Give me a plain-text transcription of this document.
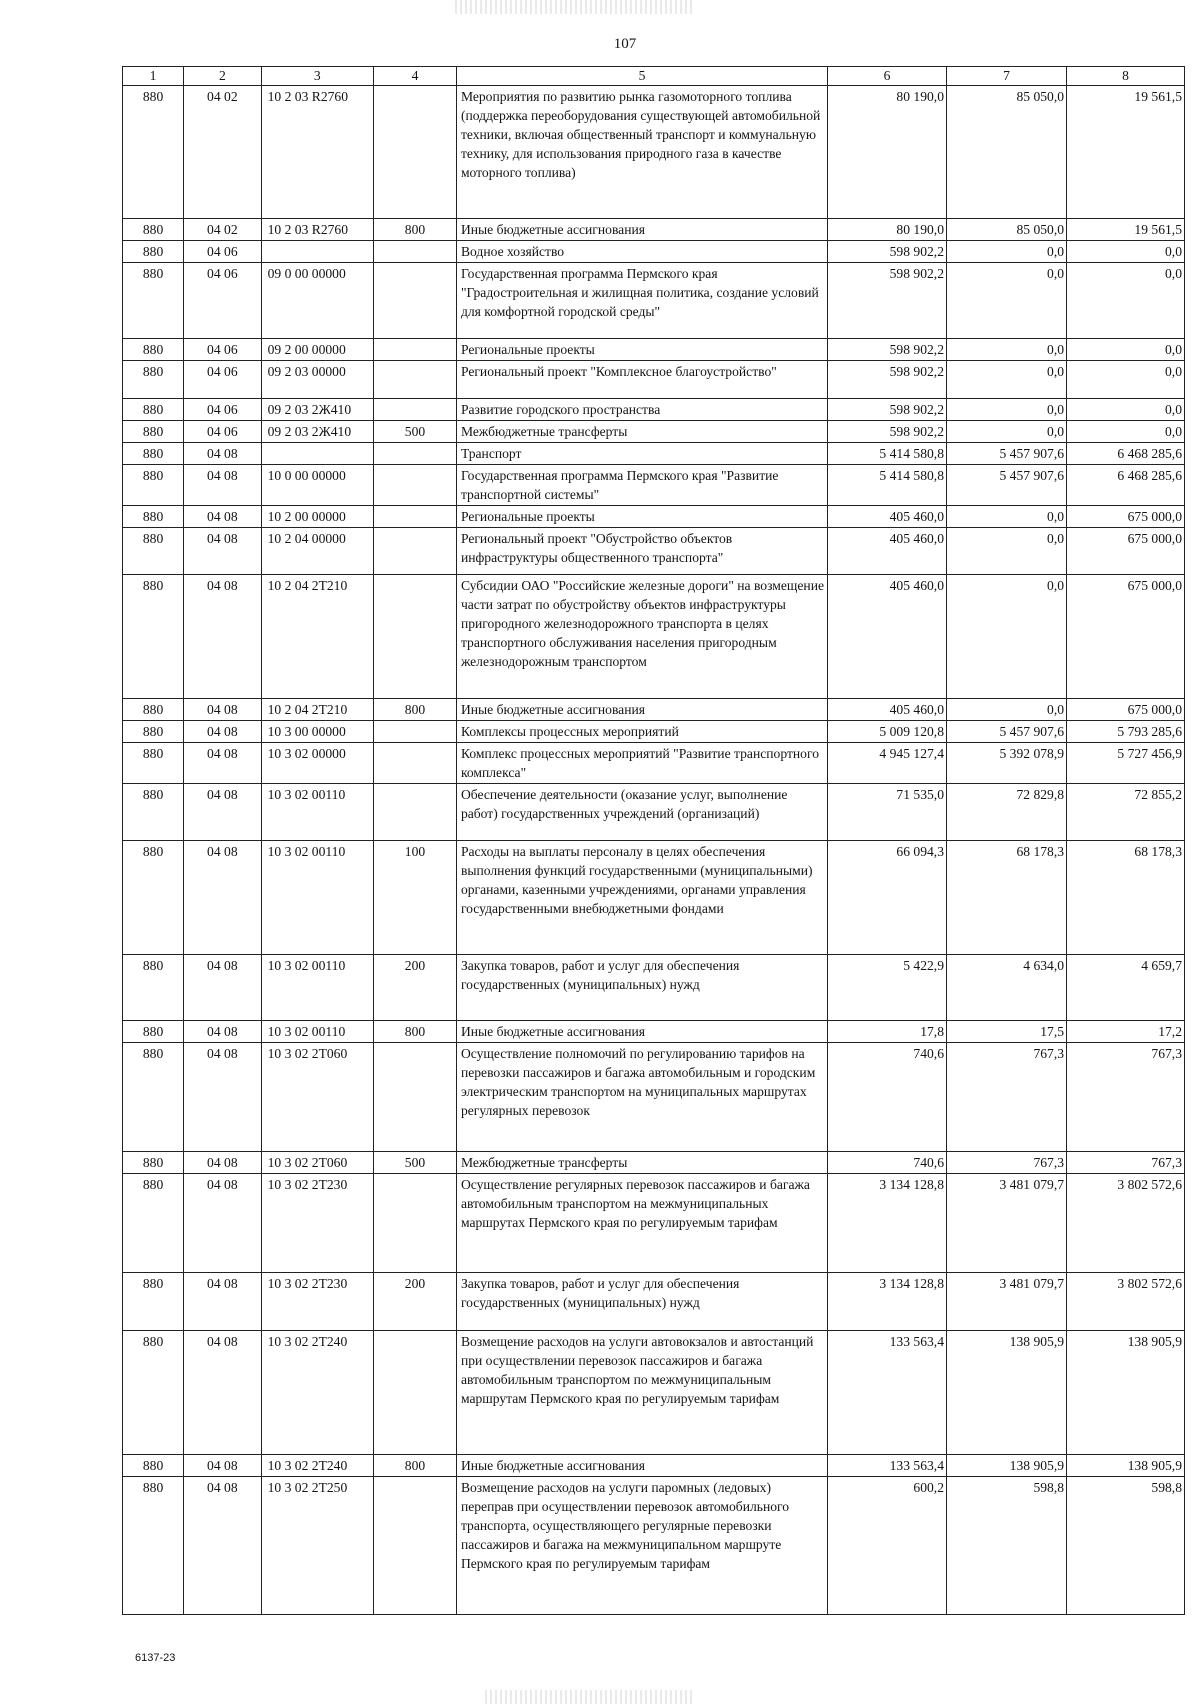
107
1	2	3	4	5	6	7	8
880	04 02	10 2 03 R2760		Мероприятия по развитию рынка газомоторного топлива (поддержка переоборудования существующей автомобильной техники, включая общественный транспорт и коммунальную технику, для использования природного газа в качестве моторного топлива)	80 190,0	85 050,0	19 561,5
880	04 02	10 2 03 R2760	800	Иные бюджетные ассигнования	80 190,0	85 050,0	19 561,5
880	04 06			Водное хозяйство	598 902,2	0,0	0,0
880	04 06	09 0 00 00000		Государственная программа Пермского края "Градостроительная и жилищная политика, создание условий для комфортной городской среды"	598 902,2	0,0	0,0
880	04 06	09 2 00 00000		Региональные проекты	598 902,2	0,0	0,0
880	04 06	09 2 03 00000		Региональный проект "Комплексное благоустройство"	598 902,2	0,0	0,0
880	04 06	09 2 03 2Ж410		Развитие городского пространства	598 902,2	0,0	0,0
880	04 06	09 2 03 2Ж410	500	Межбюджетные трансферты	598 902,2	0,0	0,0
880	04 08			Транспорт	5 414 580,8	5 457 907,6	6 468 285,6
880	04 08	10 0 00 00000		Государственная программа Пермского края "Развитие транспортной системы"	5 414 580,8	5 457 907,6	6 468 285,6
880	04 08	10 2 00 00000		Региональные проекты	405 460,0	0,0	675 000,0
880	04 08	10 2 04 00000		Региональный проект "Обустройство объектов инфраструктуры общественного транспорта"	405 460,0	0,0	675 000,0
880	04 08	10 2 04 2Т210		Субсидии ОАО "Российские железные дороги" на возмещение части затрат по обустройству объектов инфраструктуры пригородного железнодорожного транспорта в целях транспортного обслуживания населения пригородным железнодорожным транспортом	405 460,0	0,0	675 000,0
880	04 08	10 2 04 2Т210	800	Иные бюджетные ассигнования	405 460,0	0,0	675 000,0
880	04 08	10 3 00 00000		Комплексы процессных мероприятий	5 009 120,8	5 457 907,6	5 793 285,6
880	04 08	10 3 02 00000		Комплекс процессных мероприятий "Развитие транспортного комплекса"	4 945 127,4	5 392 078,9	5 727 456,9
880	04 08	10 3 02 00110		Обеспечение деятельности (оказание услуг, выполнение работ) государственных учреждений (организаций)	71 535,0	72 829,8	72 855,2
880	04 08	10 3 02 00110	100	Расходы на выплаты персоналу в целях обеспечения выполнения функций государственными (муниципальными) органами, казенными учреждениями, органами управления государственными внебюджетными фондами	66 094,3	68 178,3	68 178,3
880	04 08	10 3 02 00110	200	Закупка товаров, работ и услуг для обеспечения государственных (муниципальных) нужд	5 422,9	4 634,0	4 659,7
880	04 08	10 3 02 00110	800	Иные бюджетные ассигнования	17,8	17,5	17,2
880	04 08	10 3 02 2Т060		Осуществление полномочий по регулированию тарифов на перевозки пассажиров и багажа автомобильным и городским электрическим транспортом на муниципальных маршрутах регулярных перевозок	740,6	767,3	767,3
880	04 08	10 3 02 2Т060	500	Межбюджетные трансферты	740,6	767,3	767,3
880	04 08	10 3 02 2Т230		Осуществление регулярных перевозок пассажиров и багажа автомобильным транспортом на межмуниципальных маршрутах Пермского края по регулируемым тарифам	3 134 128,8	3 481 079,7	3 802 572,6
880	04 08	10 3 02 2Т230	200	Закупка товаров, работ и услуг для обеспечения государственных (муниципальных) нужд	3 134 128,8	3 481 079,7	3 802 572,6
880	04 08	10 3 02 2Т240		Возмещение расходов на услуги автовокзалов и автостанций при осуществлении перевозок пассажиров и багажа автомобильным транспортом по межмуниципальным маршрутам Пермского края по регулируемым тарифам	133 563,4	138 905,9	138 905,9
880	04 08	10 3 02 2Т240	800	Иные бюджетные ассигнования	133 563,4	138 905,9	138 905,9
880	04 08	10 3 02 2Т250		Возмещение расходов на услуги паромных (ледовых) переправ при осуществлении перевозок автомобильного транспорта, осуществляющего регулярные перевозки пассажиров и багажа на межмуниципальном маршруте Пермского края по регулируемым тарифам	600,2	598,8	598,8
6137-23
